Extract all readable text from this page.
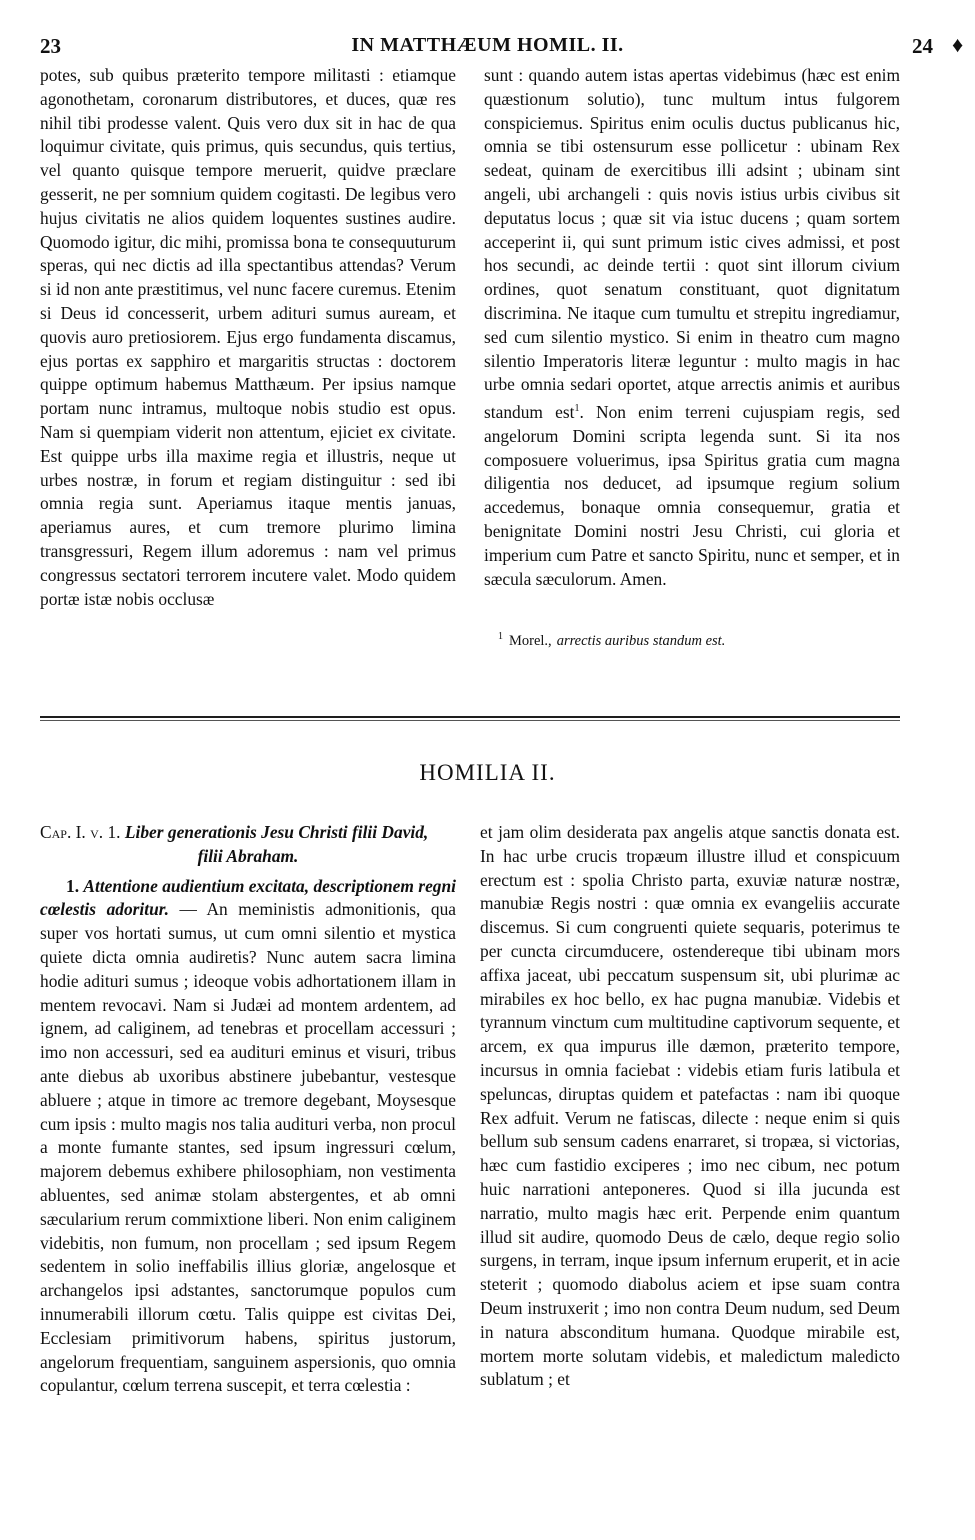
23	IN MATTHÆUM HOMIL. II.	24 ♦

potes, sub quibus præterito tempore militasti : etiamque agonothetam, coronarum distributores, et duces, quæ res nihil tibi prodesse valent. Quis vero dux sit in hac de qua loquimur civitate, quis primus, quis secundus, quis tertius, vel quanto quisque tempore meruerit, quidve præclare gesserit, ne per somnium quidem cogitasti. De legibus vero hujus civitatis ne alios quidem loquentes sustines audire. Quomodo igitur, dic mihi, promissa bona te consequuturum speras, qui nec dictis ad illa spectantibus attendas? Verum si id non ante præstitimus, vel nunc facere curemus. Etenim si Deus id concesserit, urbem adituri sumus auream, et quovis auro pretiosiorem. Ejus ergo fundamenta discamus, ejus portas ex sapphiro et margaritis structas : doctorem quippe optimum habemus Matthæum. Per ipsius namque portam nunc intramus, multoque nobis studio est opus. Nam si quempiam viderit non attentum, ejiciet ex civitate. Est quippe urbs illa maxime regia et illustris, neque ut urbes nostræ, in forum et regiam distinguitur : sed ibi omnia regia sunt. Aperiamus itaque mentis januas, aperiamus aures, et cum tremore plurimo limina transgressuri, Regem illum adoremus : nam vel primus congressus sectatori terrorem incutere valet. Modo quidem portæ istæ nobis occlusæ

sunt : quando autem istas apertas videbimus (hæc est enim quæstionum solutio), tunc multum intus fulgorem conspiciemus. Spiritus enim oculis ductus publicanus hic, omnia se tibi ostensurum esse pollicetur : ubinam Rex sedeat, quinam de exercitibus illi adsint ; ubinam sint angeli, ubi archangeli : quis novis istius urbis civibus sit deputatus locus ; quæ sit via istuc ducens ; quam sortem acceperint ii, qui sunt primum istic cives admissi, et post hos secundi, ac deinde tertii : quot sint illorum civium ordines, quot senatum constituant, quot dignitatum discrimina. Ne itaque cum tumultu et strepitu ingrediamur, sed cum silentio mystico. Si enim in theatro cum magno silentio Imperatoris literæ leguntur : multo magis in hac urbe omnia sedari oportet, atque arrectis animis et auribus standum est$^1$. Non enim terreni cujuspiam regis, sed angelorum Domini scripta legenda sunt. Si ita nos composuere voluerimus, ipsa Spiritus gratia cum magna diligentia nos deducet, ad ipsumque regium solium accedemus, bonaque omnia consequemur, gratia et benignitate Domini nostri Jesu Christi, cui gloria et imperium cum Patre et sancto Spiritu, nunc et semper, et in sæcula sæculorum. Amen.

$^1$ Morel., arrectis auribus standum est.
HOMILIA II.

Cap. I. v. 1. Liber generationis Jesu Christi filii David,

filii Abraham.

1. Attentione audientium excitata, descriptionem regni cœlestis adoritur. — An meministis admonitionis, qua super vos hortati sumus, ut cum omni silentio et mystica quiete dicta omnia audiretis? Nunc autem sacra limina hodie adituri sumus ; ideoque vobis adhortationem illam in mentem revocavi. Nam si Judæi ad montem ardentem, ad ignem, ad caliginem, ad tenebras et procellam accessuri ; imo non accessuri, sed ea audituri eminus et visuri, tribus ante diebus ab uxoribus abstinere jubebantur, vestesque abluere ; atque in timore ac tremore degebant, Moysesque cum ipsis : multo magis nos talia audituri verba, non procul a monte fumante stantes, sed ipsum ingressuri cœlum, majorem debemus exhibere philosophiam, non vestimenta abluentes, sed animæ stolam abstergentes, et ab omni sæcularium rerum commixtione liberi. Non enim caliginem videbitis, non fumum, non procellam ; sed ipsum Regem sedentem in solio ineffabilis illius gloriæ, angelosque et archangelos ipsi adstantes, sanctorumque populos cum innumerabili illorum cœtu. Talis quippe est civitas Dei, Ecclesiam primitivorum habens, spiritus justorum, angelorum frequentiam, sanguinem aspersionis, quo omnia copulantur, cœlum terrena suscepit, et terra cœlestia :

et jam olim desiderata pax angelis atque sanctis donata est. In hac urbe crucis tropæum illustre illud et conspicuum erectum est : spolia Christo parta, exuviæ naturæ nostræ, manubiæ Regis nostri : quæ omnia ex evangeliis accurate discemus. Si cum congruenti quiete sequaris, poterimus te per cuncta circumducere, ostendereque tibi ubinam mors affixa jaceat, ubi peccatum suspensum sit, ubi plurimæ ac mirabiles ex hoc bello, ex hac pugna manubiæ. Videbis et tyrannum vinctum cum multitudine captivorum sequente, et arcem, ex qua impurus ille dæmon, præterito tempore, incursus in omnia faciebat : videbis etiam furis latibula et speluncas, diruptas quidem et patefactas : nam ibi quoque Rex adfuit. Verum ne fatiscas, dilecte : neque enim si quis bellum sub sensum cadens enarraret, si tropæa, si victorias, hæc cum fastidio exciperes ; imo nec cibum, nec potum huic narrationi anteponeres. Quod si illa jucunda est narratio, multo magis hæc erit. Perpende enim quantum illud sit audire, quomodo Deus de cælo, deque regio solio surgens, in terram, inque ipsum infernum eruperit, et in acie steterit ; quomodo diabolus aciem et ipse suam contra Deum instruxerit ; imo non contra Deum nudum, sed Deum in natura absconditum humana. Quodque mirabile est, mortem morte solutam videbis, et maledictum maledicto sublatum ; et
